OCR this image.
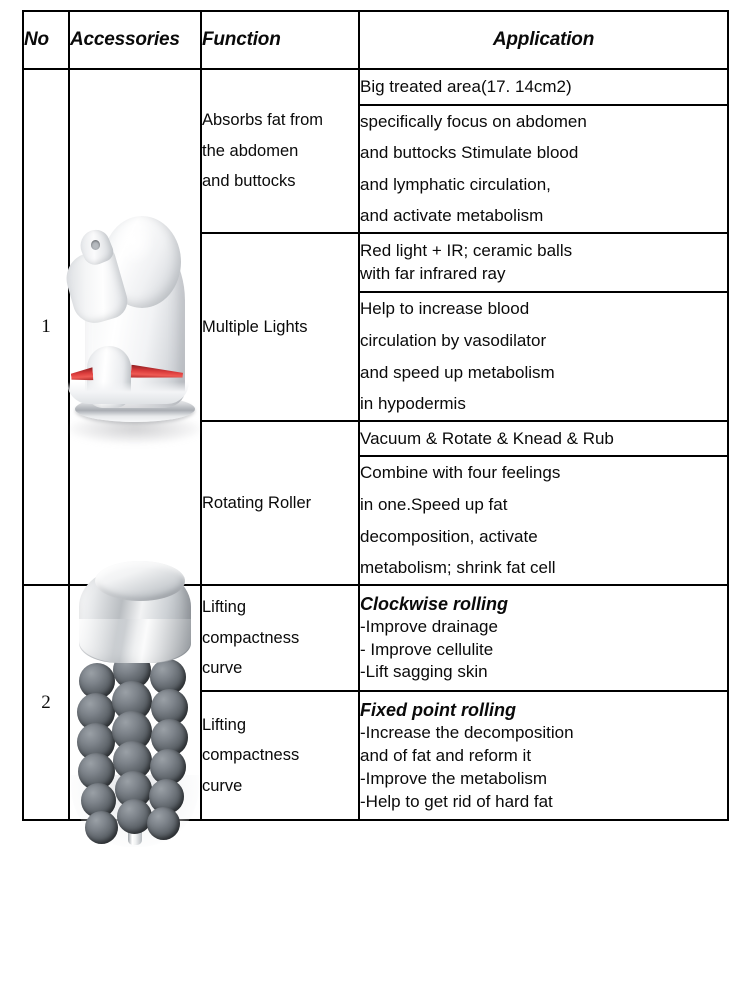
No	Accessories	Function	Application
1		Absorbs fat from
the abdomen
and buttocks	Big treated area(17. 14cm2)

			specifically focus on abdomen
and buttocks Stimulate blood
and lymphatic circulation,
and activate metabolism

		Multiple Lights	Red light + IR; ceramic balls
with far infrared ray

			Help to increase blood
circulation by vasodilator
and speed up metabolism
in hypodermis

		Rotating Roller	Vacuum & Rotate & Knead & Rub

			Combine with four feelings
in one.Speed up fat
decomposition, activate
metabolism; shrink fat cell

2		Lifting
compactness
curve	Clockwise rolling
-Improve drainage
- Improve cellulite
-Lift sagging skin

		Lifting
compactness
curve	Fixed point rolling
-Increase the decomposition
and of fat and reform it
-Improve the metabolism
-Help to get rid of hard fat
